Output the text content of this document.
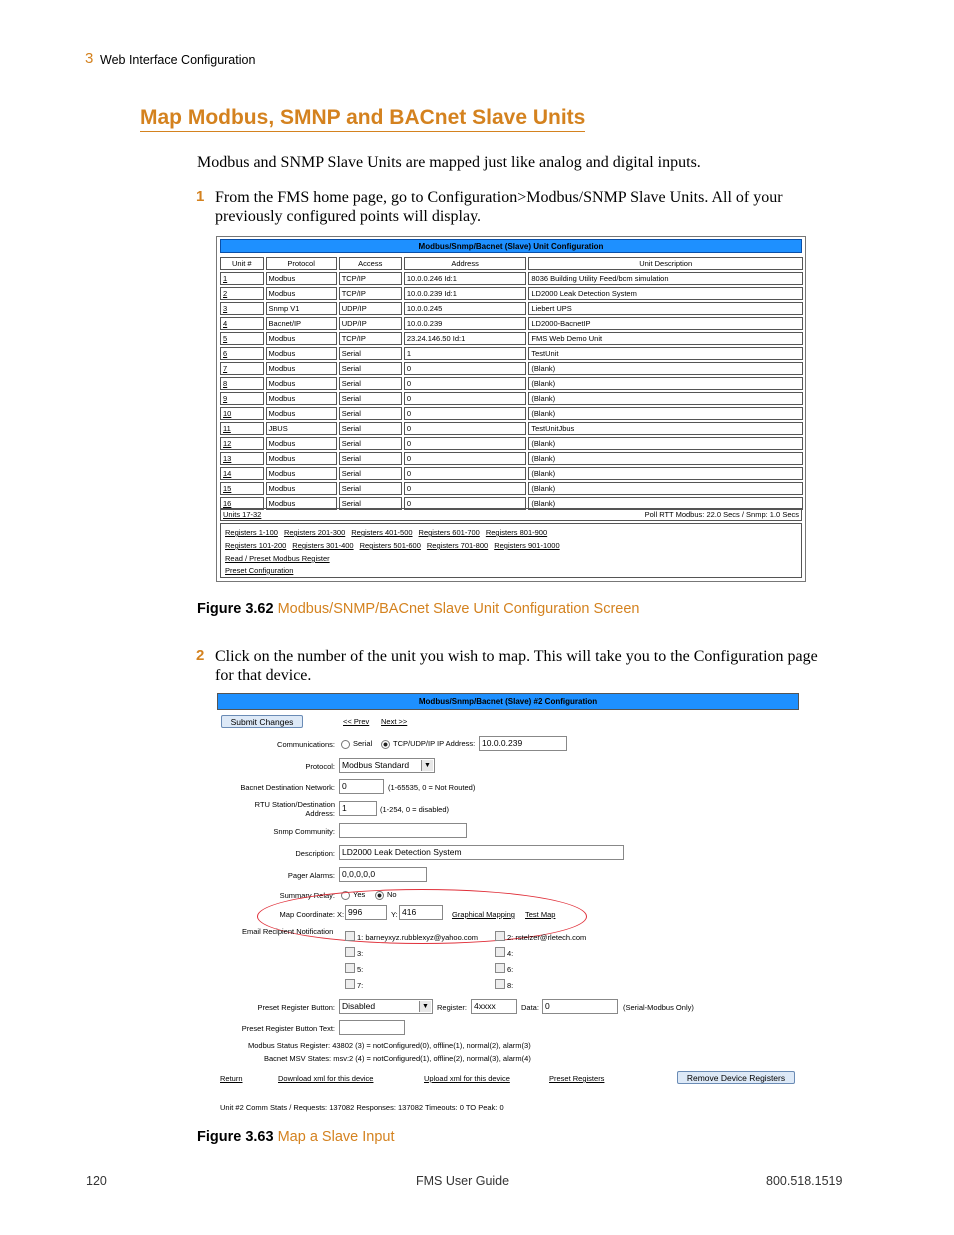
3 Web Interface Configuration
Map Modbus, SMNP and BACnet Slave Units
Modbus and SNMP Slave Units are mapped just like analog and digital inputs.
1 From the FMS home page, go to Configuration>Modbus/SNMP Slave Units. All of your previously configured points will display.
Modbus/Snmp/Bacnet (Slave) Unit Configuration
Unit #	Protocol	Access	Address	Unit Description
1	Modbus	TCP/IP	10.0.0.246 Id:1	8036 Building Utility Feed/bcm simulation
2	Modbus	TCP/IP	10.0.0.239 Id:1	LD2000 Leak Detection System
3	Snmp V1	UDP/IP	10.0.0.245	Liebert UPS
4	Bacnet/IP	UDP/IP	10.0.0.239	LD2000-BacnetIP
5	Modbus	TCP/IP	23.24.146.50 Id:1	FMS Web Demo Unit
6	Modbus	Serial	1	TestUnit
7	Modbus	Serial	0	(Blank)
8	Modbus	Serial	0	(Blank)
9	Modbus	Serial	0	(Blank)
10	Modbus	Serial	0	(Blank)
11	JBUS	Serial	0	TestUnitJbus
12	Modbus	Serial	0	(Blank)
13	Modbus	Serial	0	(Blank)
14	Modbus	Serial	0	(Blank)
15	Modbus	Serial	0	(Blank)
16	Modbus	Serial	0	(Blank)
Units 17-32	Poll RTT Modbus: 22.0 Secs / Snmp: 1.0 Secs
Registers 1-100 Registers 201-300 Registers 401-500 Registers 601-700 Registers 801-900
Registers 101-200 Registers 301-400 Registers 501-600 Registers 701-800 Registers 901-1000
Read / Preset Modbus Register
Preset Configuration
Figure 3.62 Modbus/SNMP/BACnet Slave Unit Configuration Screen
2 Click on the number of the unit you wish to map. This will take you to the Configuration page for that device.
Modbus/Snmp/Bacnet (Slave) #2 Configuration
Submit Changes	<< Prev Next >>
Communications:	Serial	TCP/UDP/IP IP Address: 10.0.0.239
Protocol: Modbus Standard	▼
Bacnet Destination Network: 0	(1-65535, 0 = Not Routed)
RTU Station/Destination
Address:
1	(1-254, 0 = disabled)
Snmp Community:
Description: LD2000 Leak Detection System
Pager Alarms: 0,0,0,0,0
Summary Relay:	Yes	No
Map Coordinate: X: 996	Y: 416	Graphical Mapping Test Map
Email Recipient Notification
1: barneyxyz.rubblexyz@yahoo.com	2: rstelzer@rletech.com
3:	4:
5:	6:
7:	8:
Preset Register Button: Disabled	▼ Register: 4xxxx	Data: 0	(Serial-Modbus Only)
Preset Register Button Text:
Modbus Status Register: 43802 (3) = notConfigured(0), offline(1), normal(2), alarm(3)
Bacnet MSV States: msv:2 (4) = notConfigured(1), offline(2), normal(3), alarm(4)
Return	Download xml for this device	Upload xml for this device	Preset Registers	Remove Device Registers
Unit #2 Comm Stats / Requests: 137082 Responses: 137082 Timeouts: 0 TO Peak: 0
Figure 3.63 Map a Slave Input
120	FMS User Guide	800.518.1519
